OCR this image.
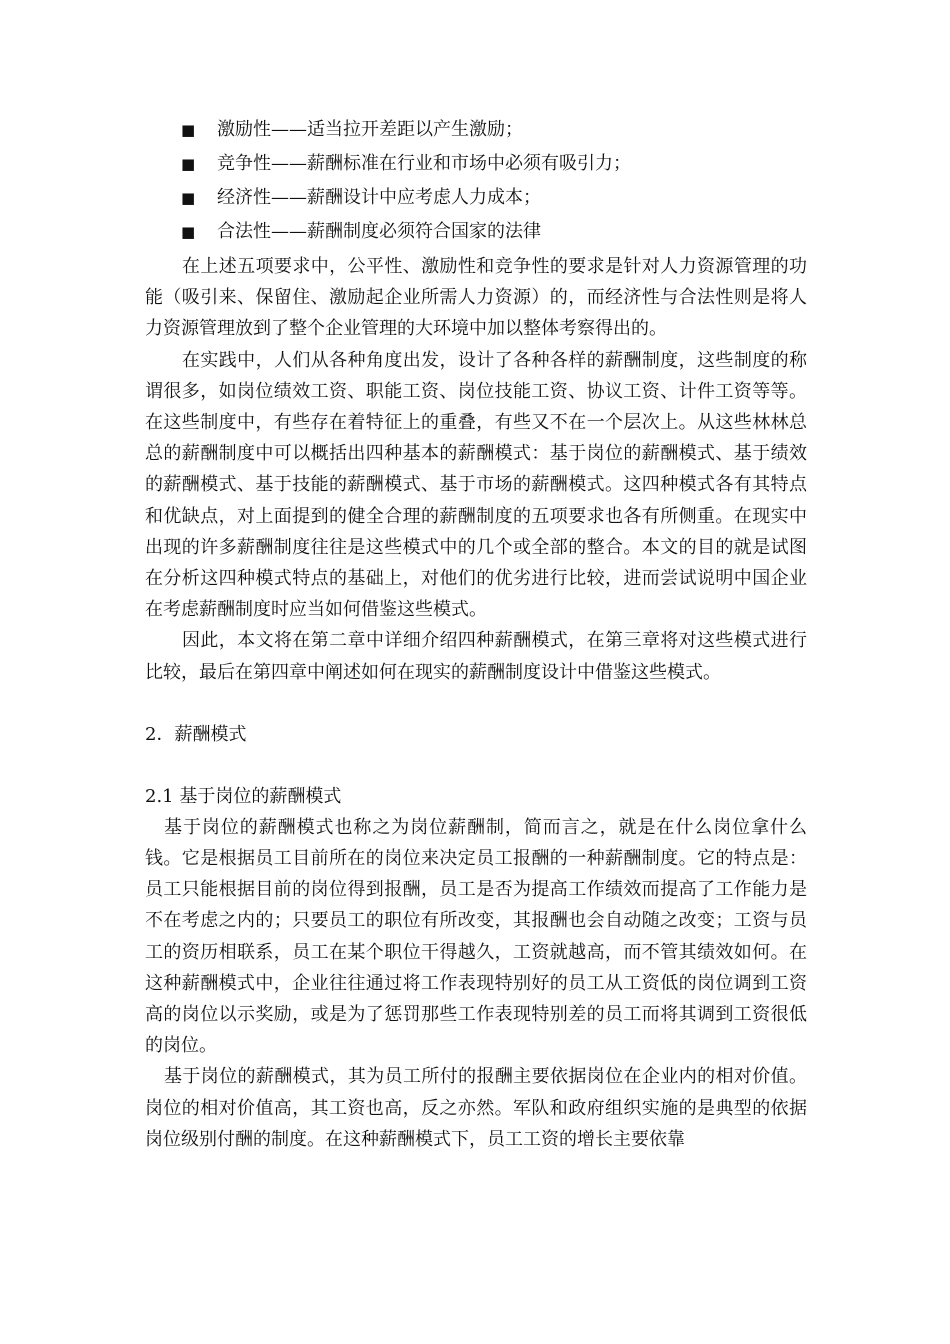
■ 激励性——适当拉开差距以产生激励；
■ 竞争性——薪酬标准在行业和市场中必须有吸引力；
■ 经济性——薪酬设计中应考虑人力成本；
■ 合法性——薪酬制度必须符合国家的法律

在上述五项要求中，公平性、激励性和竞争性的要求是针对人力资源管理的功能（吸引来、保留住、激励起企业所需人力资源）的，而经济性与合法性则是将人力资源管理放到了整个企业管理的大环境中加以整体考察得出的。

在实践中，人们从各种角度出发，设计了各种各样的薪酬制度，这些制度的称谓很多，如岗位绩效工资、职能工资、岗位技能工资、协议工资、计件工资等等。在这些制度中，有些存在着特征上的重叠，有些又不在一个层次上。从这些林林总总的薪酬制度中可以概括出四种基本的薪酬模式：基于岗位的薪酬模式、基于绩效的薪酬模式、基于技能的薪酬模式、基于市场的薪酬模式。这四种模式各有其特点和优缺点，对上面提到的健全合理的薪酬制度的五项要求也各有所侧重。在现实中出现的许多薪酬制度往往是这些模式中的几个或全部的整合。本文的目的就是试图在分析这四种模式特点的基础上，对他们的优劣进行比较，进而尝试说明中国企业在考虑薪酬制度时应当如何借鉴这些模式。

因此，本文将在第二章中详细介绍四种薪酬模式，在第三章将对这些模式进行比较，最后在第四章中阐述如何在现实的薪酬制度设计中借鉴这些模式。

2．薪酬模式

2.1 基于岗位的薪酬模式

基于岗位的薪酬模式也称之为岗位薪酬制，简而言之，就是在什么岗位拿什么钱。它是根据员工目前所在的岗位来决定员工报酬的一种薪酬制度。它的特点是：员工只能根据目前的岗位得到报酬，员工是否为提高工作绩效而提高了工作能力是不在考虑之内的；只要员工的职位有所改变，其报酬也会自动随之改变；工资与员工的资历相联系，员工在某个职位干得越久，工资就越高，而不管其绩效如何。在这种薪酬模式中，企业往往通过将工作表现特别好的员工从工资低的岗位调到工资高的岗位以示奖励，或是为了惩罚那些工作表现特别差的员工而将其调到工资很低的岗位。

基于岗位的薪酬模式，其为员工所付的报酬主要依据岗位在企业内的相对价值。岗位的相对价值高，其工资也高，反之亦然。军队和政府组织实施的是典型的依据岗位级别付酬的制度。在这种薪酬模式下，员工工资的增长主要依靠
